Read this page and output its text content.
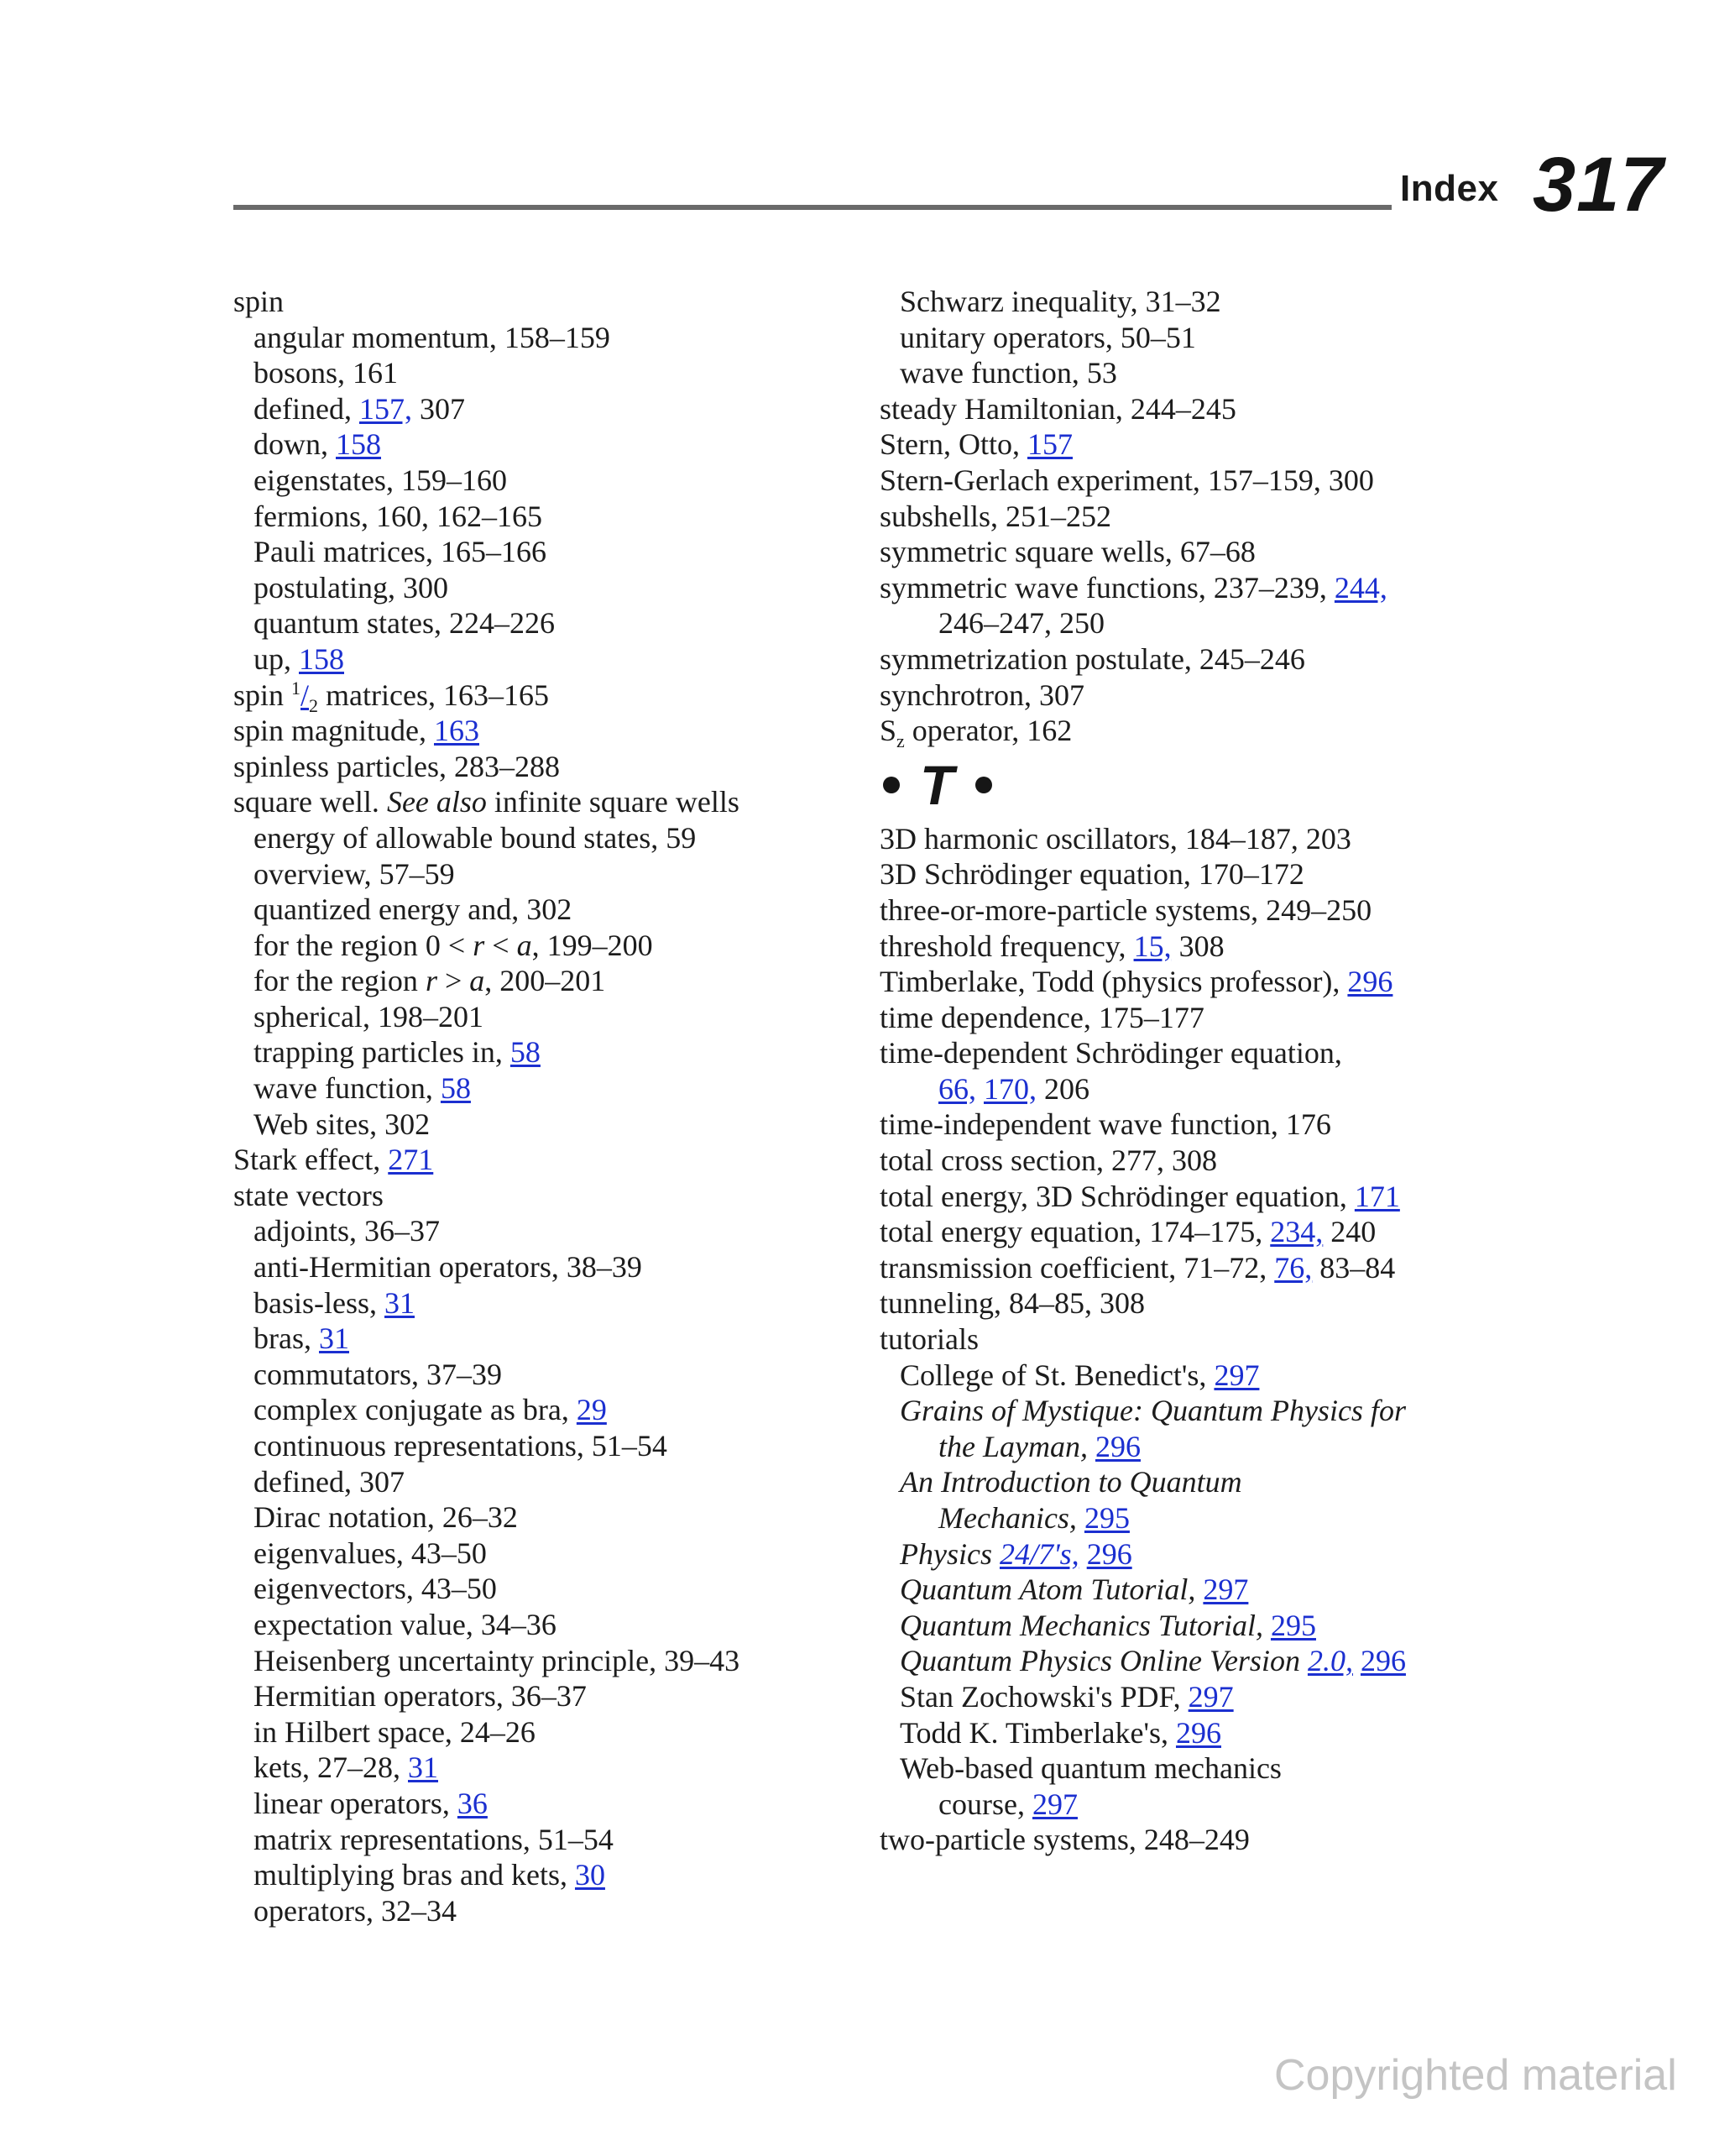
Index 317
spin
angular momentum, 158–159
bosons, 161
defined, 157, 307
down, 158
eigenstates, 159–160
fermions, 160, 162–165
Pauli matrices, 165–166
postulating, 300
quantum states, 224–226
up, 158
spin $^1/_2$ matrices, 163–165
spin magnitude, 163
spinless particles, 283–288
square well. See also infinite square wells
energy of allowable bound states, 59
overview, 57–59
quantized energy and, 302
for the region 0 < r < a, 199–200
for the region r > a, 200–201
spherical, 198–201
trapping particles in, 58
wave function, 58
Web sites, 302
Stark effect, 271
state vectors
adjoints, 36–37
anti-Hermitian operators, 38–39
basis-less, 31
bras, 31
commutators, 37–39
complex conjugate as bra, 29
continuous representations, 51–54
defined, 307
Dirac notation, 26–32
eigenvalues, 43–50
eigenvectors, 43–50
expectation value, 34–36
Heisenberg uncertainty principle, 39–43
Hermitian operators, 36–37
in Hilbert space, 24–26
kets, 27–28, 31
linear operators, 36
matrix representations, 51–54
multiplying bras and kets, 30
operators, 32–34
Schwarz inequality, 31–32
unitary operators, 50–51
wave function, 53
steady Hamiltonian, 244–245
Stern, Otto, 157
Stern-Gerlach experiment, 157–159, 300
subshells, 251–252
symmetric square wells, 67–68
symmetric wave functions, 237–239, 244,
246–247, 250
symmetrization postulate, 245–246
synchrotron, 307
$S_z$ operator, 162
T
3D harmonic oscillators, 184–187, 203
3D Schrödinger equation, 170–172
three-or-more-particle systems, 249–250
threshold frequency, 15, 308
Timberlake, Todd (physics professor), 296
time dependence, 175–177
time-dependent Schrödinger equation,
66, 170, 206
time-independent wave function, 176
total cross section, 277, 308
total energy, 3D Schrödinger equation, 171
total energy equation, 174–175, 234, 240
transmission coefficient, 71–72, 76, 83–84
tunneling, 84–85, 308
tutorials
College of St. Benedict's, 297
Grains of Mystique: Quantum Physics for
the Layman, 296
An Introduction to Quantum
Mechanics, 295
Physics 24/7's, 296
Quantum Atom Tutorial, 297
Quantum Mechanics Tutorial, 295
Quantum Physics Online Version 2.0, 296
Stan Zochowski's PDF, 297
Todd K. Timberlake's, 296
Web-based quantum mechanics
course, 297
two-particle systems, 248–249
Copyrighted material
